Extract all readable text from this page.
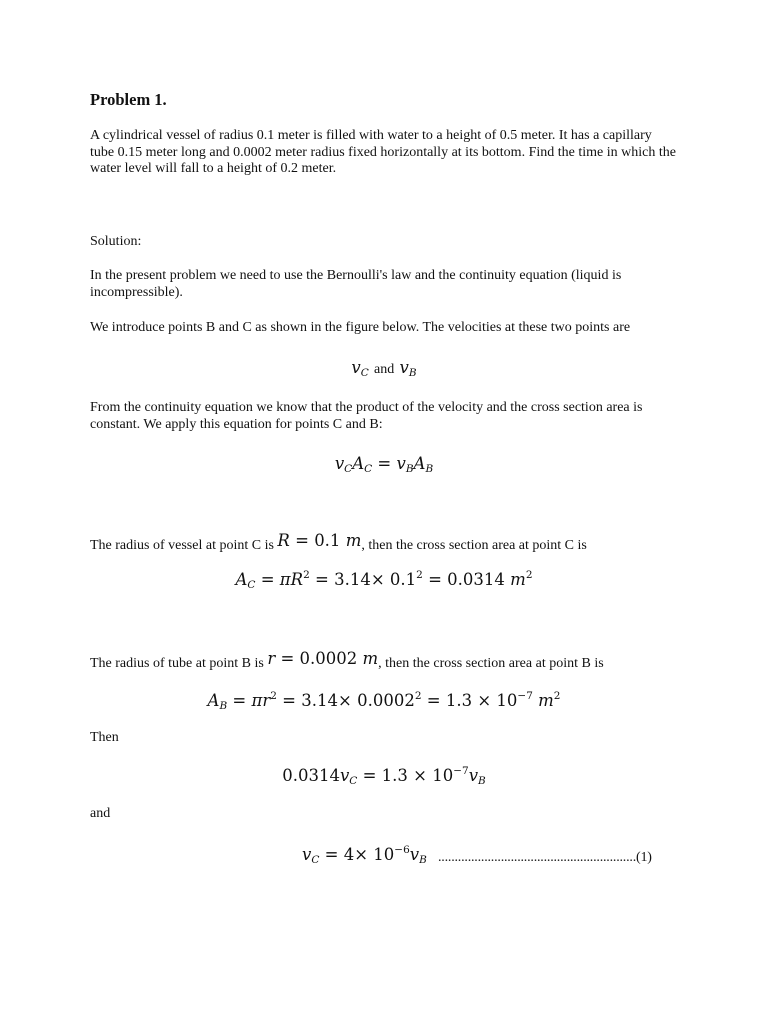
Problem 1.

A cylindrical vessel of radius 0.1 meter is filled with water to a height of 0.5 meter. It has a capillary tube 0.15 meter long and 0.0002 meter radius fixed horizontally at its bottom. Find the time in which the water level will fall to a height of 0.2 meter.

Solution:

In the present problem we need to use the Bernoulli's law and the continuity equation (liquid is incompressible).

We introduce points B and C as shown in the figure below. The velocities at these two points are

$v_C$ and $v_B$

From the continuity equation we know that the product of the velocity and the cross section area is constant. We apply this equation for points C and B:

$v_CA_C = v_BA_B$

The radius of vessel at point C is R = 0.1 m, then the cross section area at point C is

$A_C = \pi R^2 = 3.14\times 0.1^2 = 0.0314$ $m^2$

The radius of tube at point B is r = 0.0002 m, then the cross section area at point B is

$A_B = \pi r^2 = 3.14\times 0.0002^2 = 1.3 \times 10^{-7}$ $m^2$

Then

$0.0314v_C = 1.3 \times 10^{-7}v_B$

and

$v_C = 4\times 10^{-6}v_B$ ............................................................(1)
